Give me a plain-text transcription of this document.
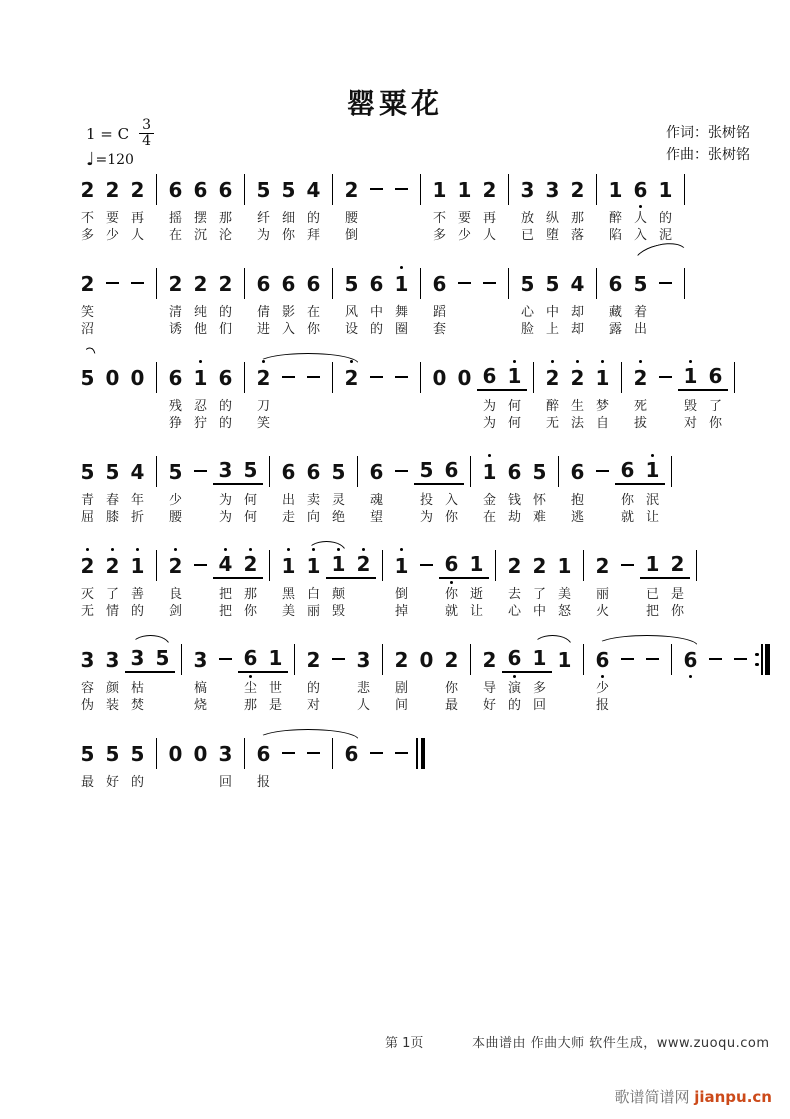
罂粟花
1 = C $\frac{3}{4}$
♩ =120
作词：张树铭
作曲：张树铭
2
不
多
2
要
少
2
再
人
6
摇
在
6
摆
沉
6
那
沦
5
纤
为
5
细
你
4
的
拜
2
腰
倒

1
不
多
1
要
少
2
再
人
3
放
已
3
纵
堕
2
那
落
1
醉
陷
6
人
入
1
的
泥
2
笑
沼

2
清
诱
2
纯
他
2
的
们
6
倩
进
6
影
入
6
在
你
5
风
设
6
中
的
1
舞
圈
6
蹈
套

5
心
脸
5
中
上
4
却
却
6
藏
露
5
着
出

5

0

0

6
残
狰
1
忍
狞
6
的
的
2
刀
笑

2

	0

0

6
为
为
1
何
何
2
醉
无
2
生
法
1
梦
自
2
死
拔

1
毁
对
6
了
你
5
青
屈
5
春
膝
4
年
折
5
少
腰

3
为
为
5
何
何
6
出
走
6
卖
向
5
灵
绝
6
魂
望

5
投
为
6
入
你
1
金
在
6
钱
劫
5
怀
难
6
抱
逃

6
你
就
1
泯
让
2
灭
无
2
了
情
1
善
的
2
良
剑

4
把
把
2
那
你
1
黑
美
1
白
丽
1
颠
毁
2

1
倒
掉

6
你
就
1
逝
让
2
去
心
2
了
中
1
美
怒
2
丽
火

1
已
把
2
是
你
3
容
伪
3
颜
装
3
枯
焚
5

3
槁
烧

6
尘
那
1
世
是
2
的
对

3
悲
人
2
剧
间
0

2
你
最
2
导
好
6
演
的
1
多
回
1

6
少
报

6

5
最

5
好

5
的

0

0

3
回

6
报

6

第 1页	本曲谱由 作曲大师 软件生成，www.zuoqu.com
歌谱简谱网 jianpu.cn
